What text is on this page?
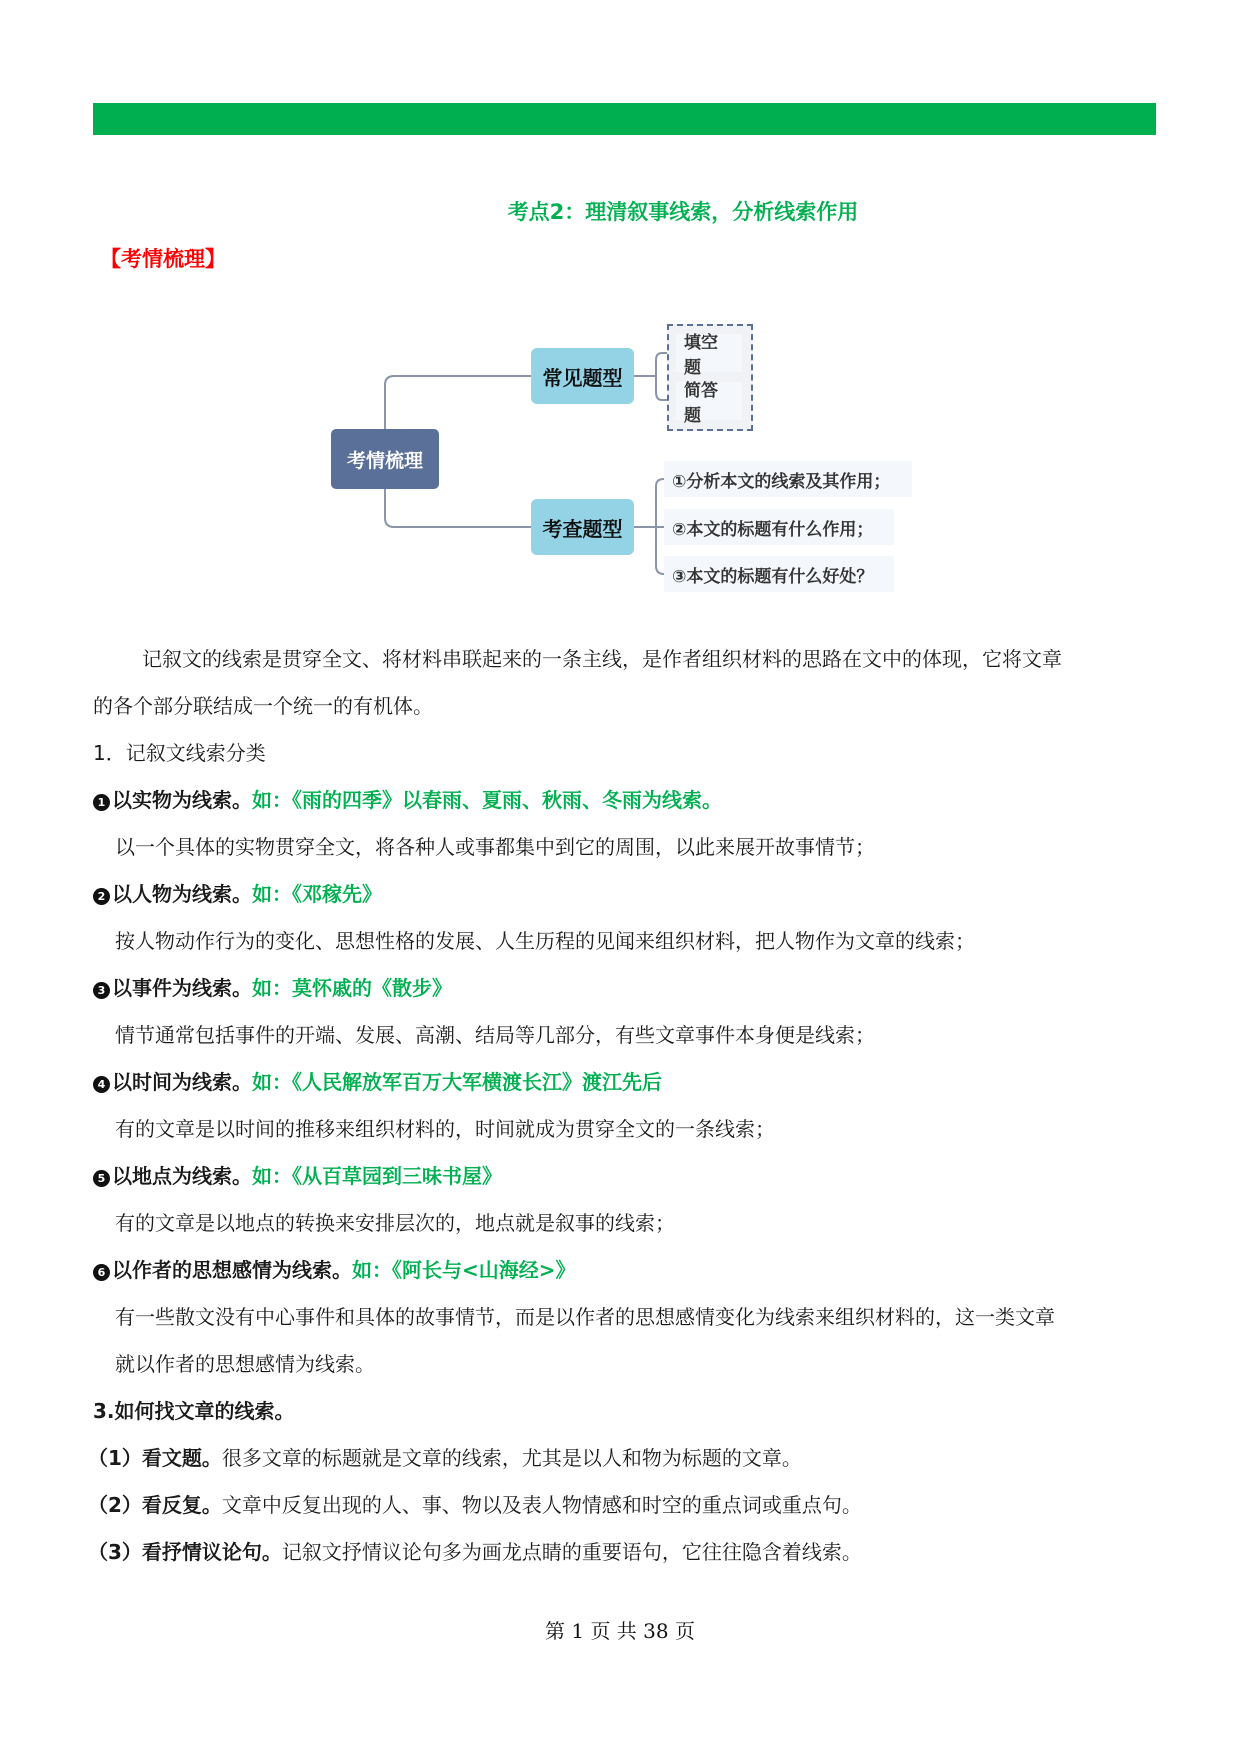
考点2：理清叙事线索，分析线索作用
【考情梳理】
考情梳理
常见题型
考查题型
填空题
简答题
①分析本文的线索及其作用；
②本文的标题有什么作用；
③本文的标题有什么好处？
记叙文的线索是贯穿全文、将材料串联起来的一条主线，是作者组织材料的思路在文中的体现，它将文章
的各个部分联结成一个统一的有机体。
1．记叙文线索分类
1 以实物为线索。如：《雨的四季》以春雨、夏雨、秋雨、冬雨为线索。
以一个具体的实物贯穿全文，将各种人或事都集中到它的周围，以此来展开故事情节；
2 以人物为线索。如：《邓稼先》
按人物动作行为的变化、思想性格的发展、人生历程的见闻来组织材料，把人物作为文章的线索；
3 以事件为线索。如：莫怀戚的《散步》
情节通常包括事件的开端、发展、高潮、结局等几部分，有些文章事件本身便是线索；
4 以时间为线索。如：《人民解放军百万大军横渡长江》渡江先后
有的文章是以时间的推移来组织材料的，时间就成为贯穿全文的一条线索；
5 以地点为线索。如：《从百草园到三味书屋》
有的文章是以地点的转换来安排层次的，地点就是叙事的线索；
6 以作者的思想感情为线索。如：《阿长与<山海经>》
有一些散文没有中心事件和具体的故事情节，而是以作者的思想感情变化为线索来组织材料的，这一类文章
就以作者的思想感情为线索。
3.如何找文章的线索。
（1）看文题。很多文章的标题就是文章的线索，尤其是以人和物为标题的文章。
（2）看反复。文章中反复出现的人、事、物以及表人物情感和时空的重点词或重点句。
（3）看抒情议论句。记叙文抒情议论句多为画龙点睛的重要语句，它往往隐含着线索。
第 1 页 共 38 页
